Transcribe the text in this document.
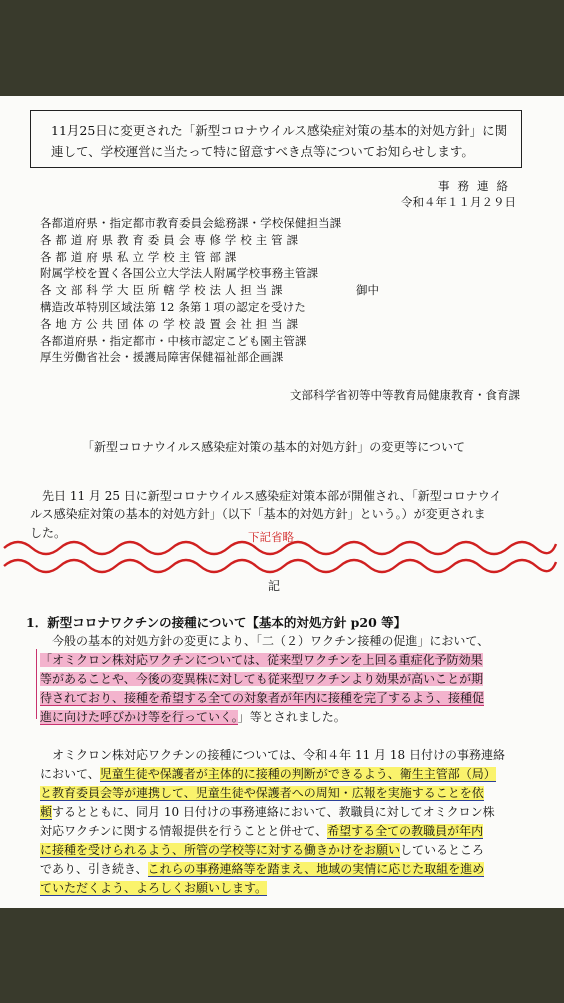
11月25日に変更された「新型コロナウイルス感染症対策の基本的対処方針」に関
連して、学校運営に当たって特に留意すべき点等についてお知らせします。
事務連絡
令和４年１１月２９日
各都道府県・指定都市教育委員会総務課・学校保健担当課
各 都 道 府 県 教 育 委 員 会 専 修 学 校 主 管 課
各 都 道 府 県 私 立 学 校 主 管 部 課
附属学校を置く各国公立大学法人附属学校事務主管課
各 文 部 科 学 大 臣 所 轄 学 校 法 人 担 当 課
構造改革特別区域法第 12 条第１項の認定を受けた
各 地 方 公 共 団 体 の 学 校 設 置 会 社 担 当 課
各都道府県・指定都市・中核市認定こども園主管課
厚生労働省社会・援護局障害保健福祉部企画課
御中
文部科学省初等中等教育局健康教育・食育課
「新型コロナウイルス感染症対策の基本的対処方針」の変更等について
先日 11 月 25 日に新型コロナウイルス感染症対策本部が開催され、「新型コロナウイ
ルス感染症対策の基本的対処方針」（以下「基本的対処方針」という。）が変更されま
した。	下記省略
記
1．新型コロナワクチンの接種について【基本的対処方針 p20 等】
今般の基本的対処方針の変更により、「二（２）ワクチン接種の促進」において、
「オミクロン株対応ワクチンについては、従来型ワクチンを上回る重症化予防効果
等があることや、今後の変異株に対しても従来型ワクチンより効果が高いことが期
待されており、接種を希望する全ての対象者が年内に接種を完了するよう、接種促
進に向けた呼びかけ等を行っていく。」等とされました。
オミクロン株対応ワクチンの接種については、令和４年 11 月 18 日付けの事務連絡
において、児童生徒や保護者が主体的に接種の判断ができるよう、衛生主管部（局）
と教育委員会等が連携して、児童生徒や保護者への周知・広報を実施することを依
頼するとともに、同月 10 日付けの事務連絡において、教職員に対してオミクロン株
対応ワクチンに関する情報提供を行うことと併せて、希望する全ての教職員が年内
に接種を受けられるよう、所管の学校等に対する働きかけをお願いしているところ
であり、引き続き、これらの事務連絡等を踏まえ、地域の実情に応じた取組を進め
ていただくよう、よろしくお願いします。
